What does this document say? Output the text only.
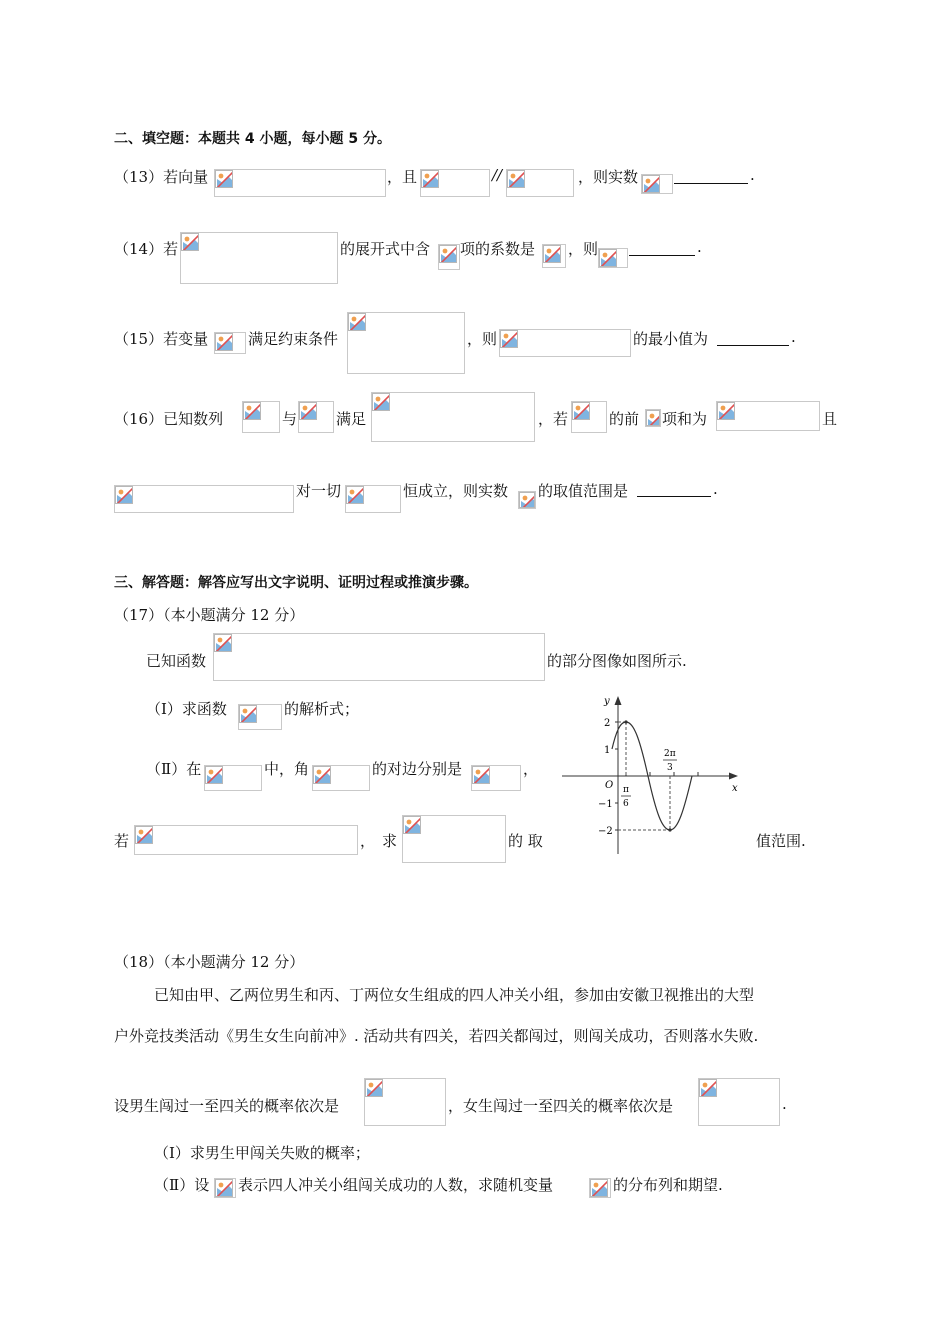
二、填空题：本题共 4 小题，每小题 5 分。
（13）若向量	，且	//	，则实数	.
（14）若	的展开式中含 项的系数是 ，则	.
（15）若变量	满足约束条件	，则	的最小值为	.
（16）已知数列	与	满足	，若	的前 项和为	且
对一切	恒成立，则实数 的取值范围是	.
三、解答题：解答应写出文字说明、证明过程或推演步骤。
（17）（本小题满分 12 分）
已知函数	的部分图像如图所示.
（Ⅰ）求函数	的解析式；
（Ⅱ）在	中，角	的对边分别是	，
若	， 求	的 取	值范围.
y
x
O
2
1
−1
−2
π
6
2π
3
（18）（本小题满分 12 分）
已知由甲、乙两位男生和丙、丁两位女生组成的四人冲关小组，参加由安徽卫视推出的大型
户外竞技类活动《男生女生向前冲》. 活动共有四关，若四关都闯过，则闯关成功，否则落水失败.
设男生闯过一至四关的概率依次是	，女生闯过一至四关的概率依次是	.
（Ⅰ）求男生甲闯关失败的概率；
（Ⅱ）设 表示四人冲关小组闯关成功的人数，求随机变量	的分布列和期望.
